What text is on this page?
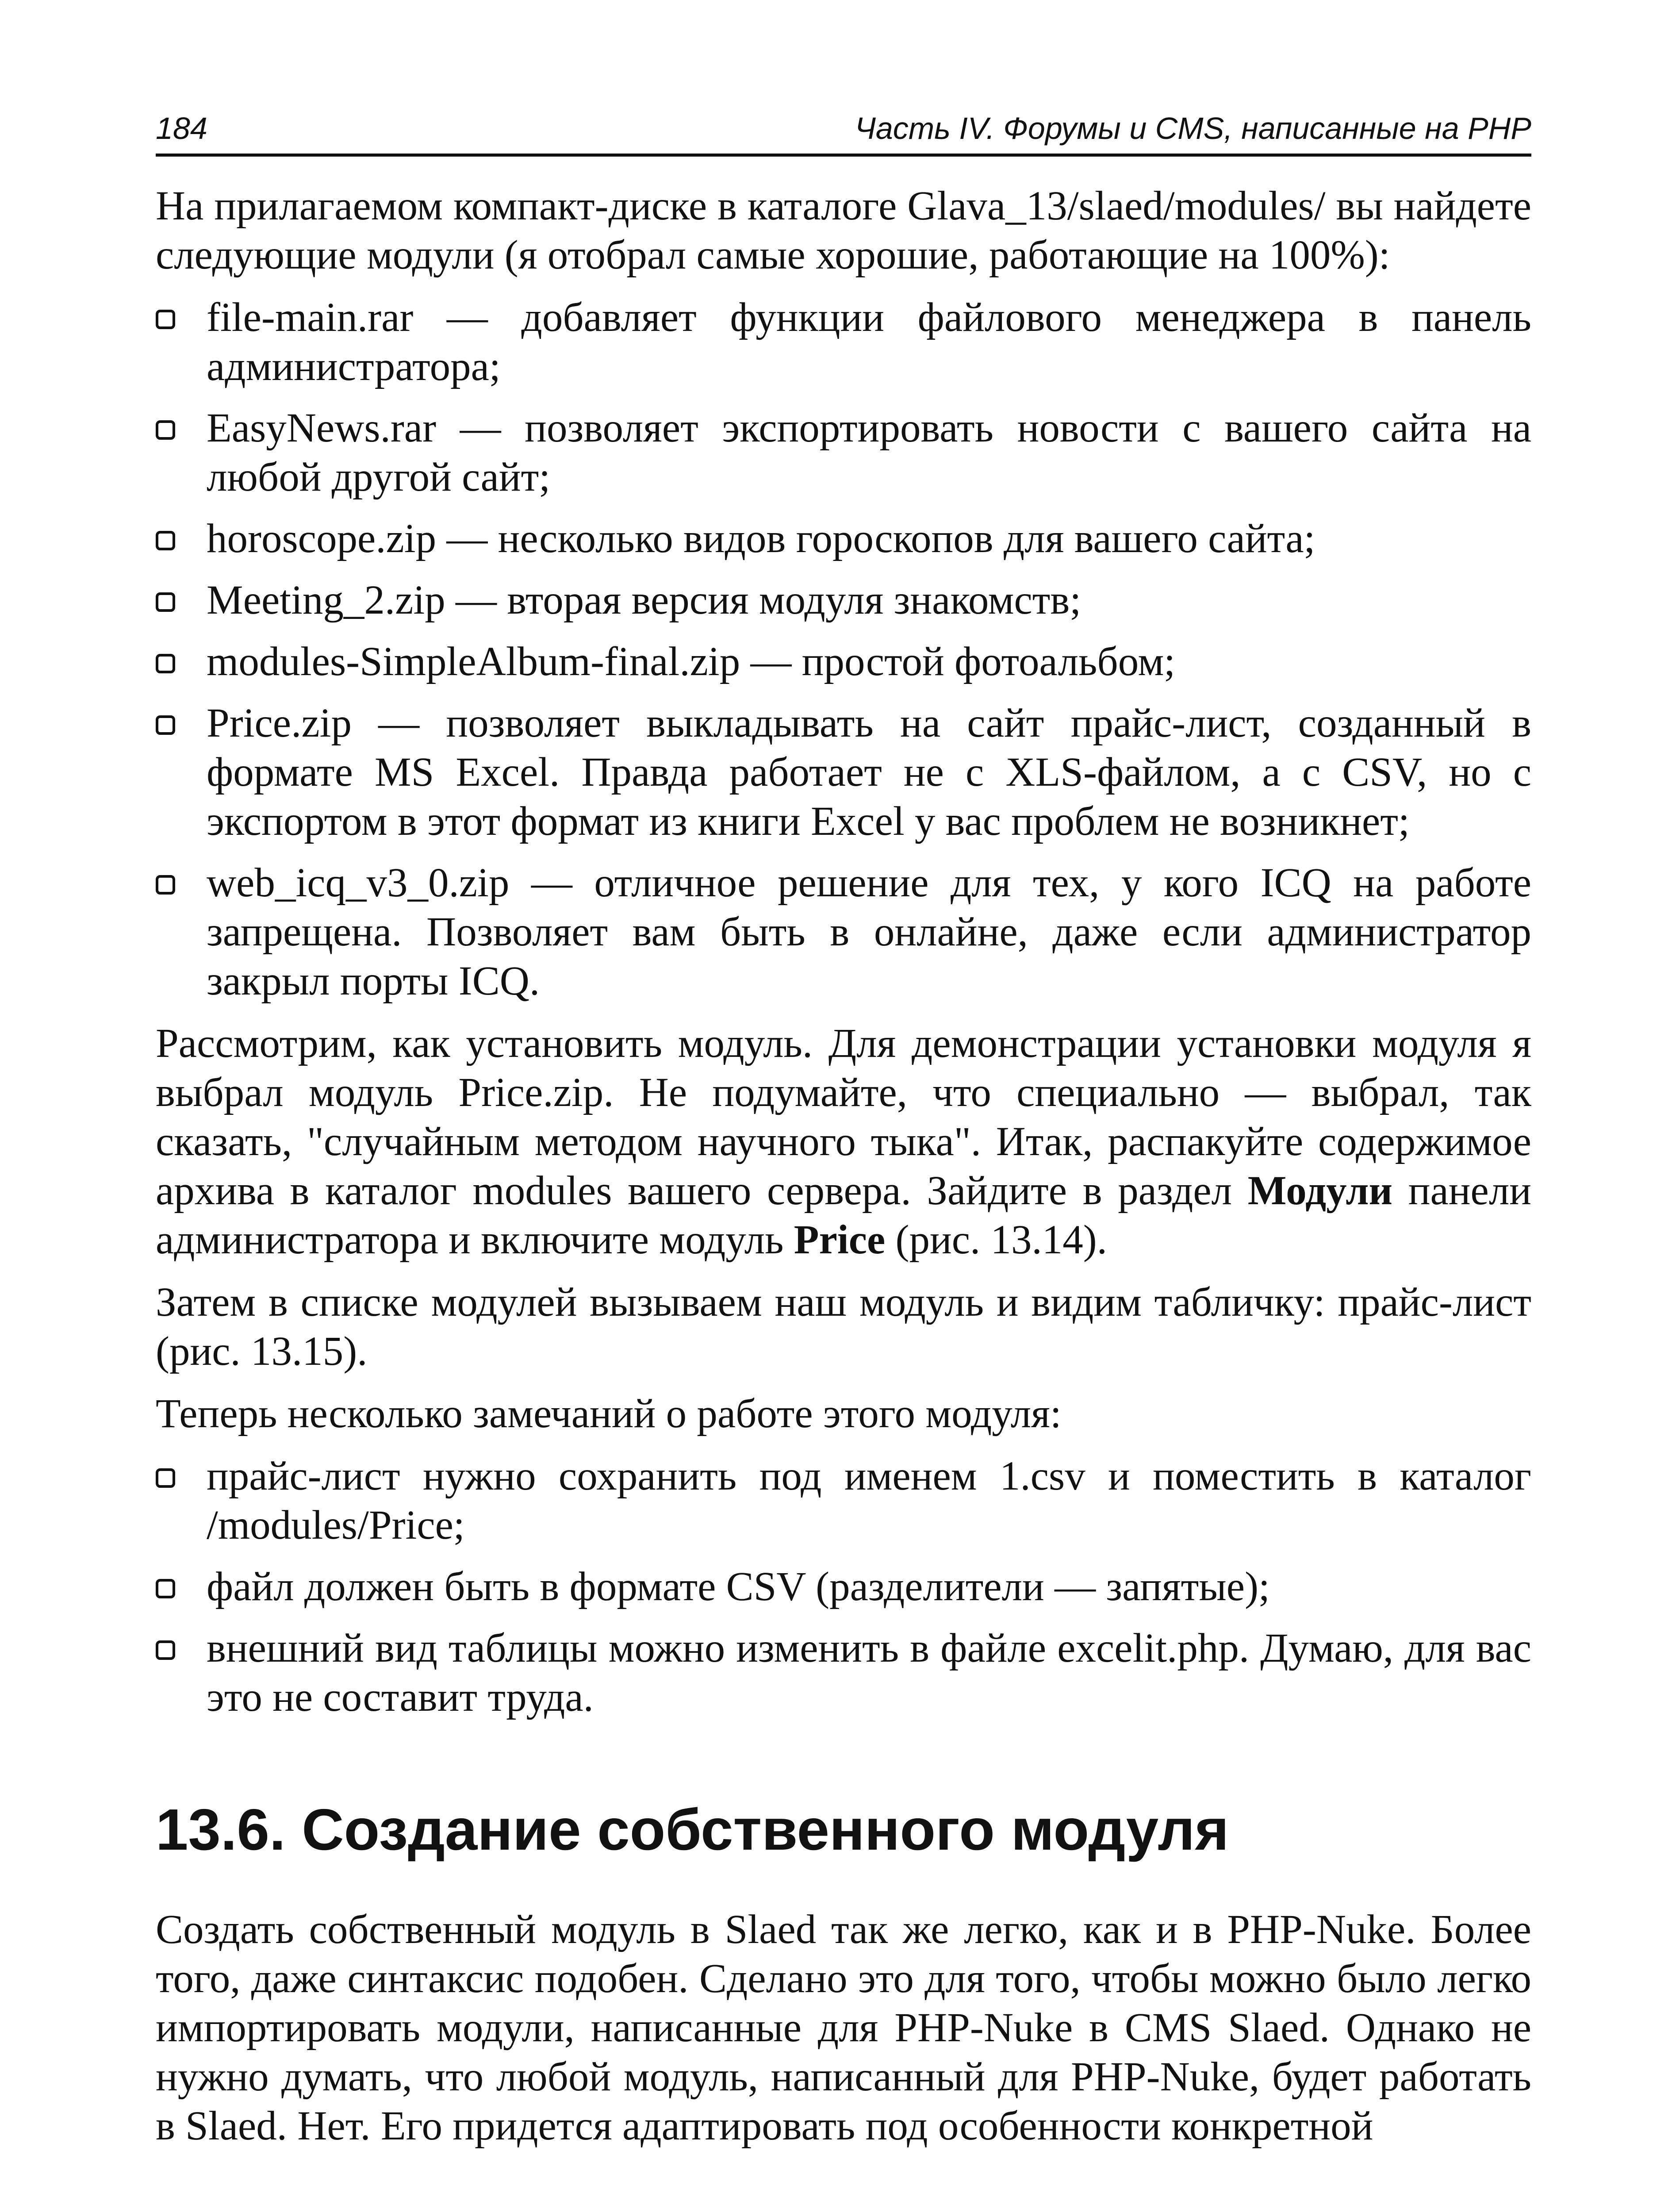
184	Часть IV. Форумы и CMS, написанные на PHP

На прилагаемом компакт-диске в каталоге Glava_13/slaed/modules/ вы найдете следующие модули (я отобрал самые хорошие, работающие на 100%):

file-main.rar — добавляет функции файлового менеджера в панель администратора;
EasyNews.rar — позволяет экспортировать новости с вашего сайта на любой другой сайт;
horoscope.zip — несколько видов гороскопов для вашего сайта;
Meeting_2.zip — вторая версия модуля знакомств;
modules-SimpleAlbum-final.zip — простой фотоальбом;
Price.zip — позволяет выкладывать на сайт прайс-лист, созданный в формате MS Excel. Правда работает не с XLS-файлом, а с CSV, но с экспортом в этот формат из книги Excel у вас проблем не возникнет;
web_icq_v3_0.zip — отличное решение для тех, у кого ICQ на работе запрещена. Позволяет вам быть в онлайне, даже если администратор закрыл порты ICQ.

Рассмотрим, как установить модуль. Для демонстрации установки модуля я выбрал модуль Price.zip. Не подумайте, что специально — выбрал, так сказать, "случайным методом научного тыка". Итак, распакуйте содержимое архива в каталог modules вашего сервера. Зайдите в раздел Модули панели администратора и включите модуль Price (рис. 13.14).

Затем в списке модулей вызываем наш модуль и видим табличку: прайс-лист (рис. 13.15).

Теперь несколько замечаний о работе этого модуля:

прайс-лист нужно сохранить под именем 1.csv и поместить в каталог /modules/Price;
файл должен быть в формате CSV (разделители — запятые);
внешний вид таблицы можно изменить в файле excelit.php. Думаю, для вас это не составит труда.
13.6. Создание собственного модуля

Создать собственный модуль в Slaed так же легко, как и в PHP-Nuke. Более того, даже синтаксис подобен. Сделано это для того, чтобы можно было легко импортировать модули, написанные для PHP-Nuke в CMS Slaed. Однако не нужно думать, что любой модуль, написанный для PHP-Nuke, будет работать в Slaed. Нет. Его придется адаптировать под особенности конкретной
